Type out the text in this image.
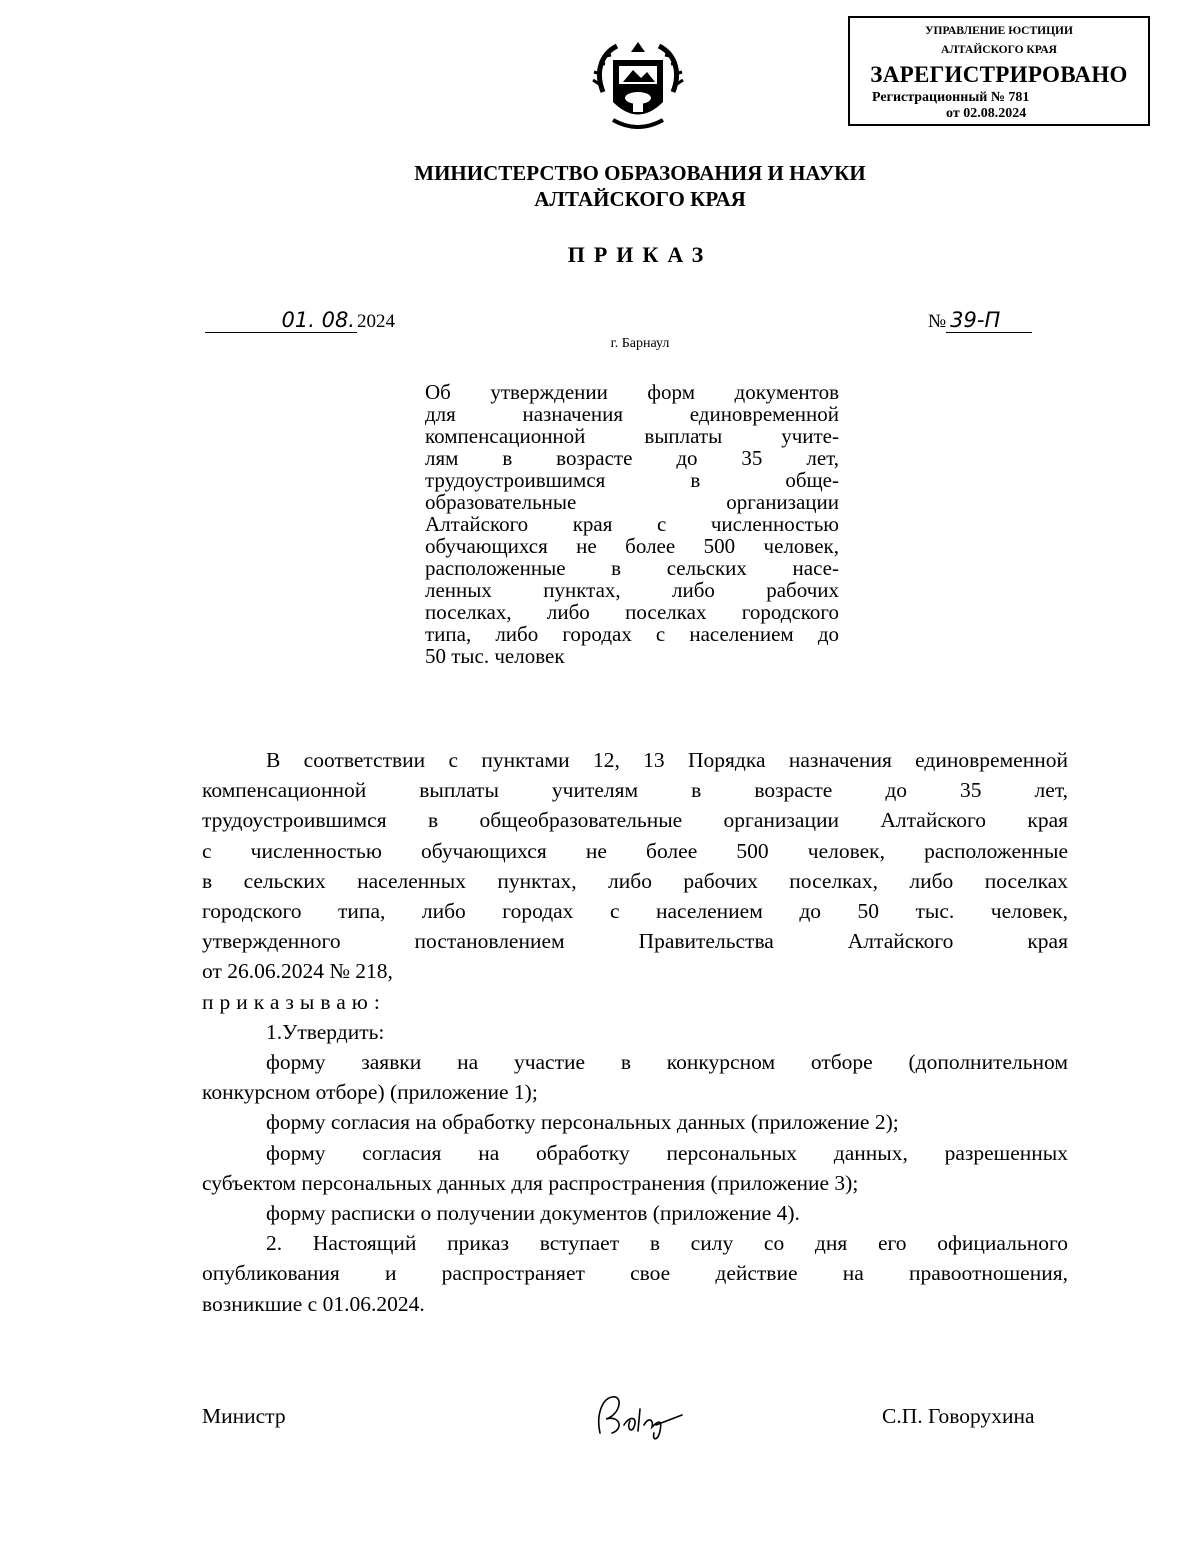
УПРАВЛЕНИЕ ЮСТИЦИИ
АЛТАЙСКОГО КРАЯ
ЗАРЕГИСТРИРОВАНО
Регистрационный № 781
от 02.08.2024
МИНИСТЕРСТВО ОБРАЗОВАНИЯ И НАУКИ
АЛТАЙСКОГО КРАЯ
ПРИКАЗ
01. 08. 2024	№ 39-П
г. Барнаул
Об утверждении форм документов
для назначения единовременной
компенсационной выплаты учите-
лям в возрасте до 35 лет,
трудоустроившимся в обще-
образовательные организации
Алтайского края с численностью
обучающихся не более 500 человек,
расположенные в сельских насе-
ленных пунктах, либо рабочих
поселках, либо поселках городского
типа, либо городах с населением до
50 тыс. человек
В соответствии с пунктами 12, 13 Порядка назначения единовременной
компенсационной выплаты учителям в возрасте до 35 лет,
трудоустроившимся в общеобразовательные организации Алтайского края
с численностью обучающихся не более 500 человек, расположенные
в сельских населенных пунктах, либо рабочих поселках, либо поселках
городского типа, либо городах с населением до 50 тыс. человек,
утвержденного постановлением Правительства Алтайского края
от 26.06.2024 № 218,
приказываю:
1.Утвердить:
форму заявки на участие в конкурсном отборе (дополнительном
конкурсном отборе) (приложение 1);
форму согласия на обработку персональных данных (приложение 2);
форму согласия на обработку персональных данных, разрешенных
субъектом персональных данных для распространения (приложение 3);
форму расписки о получении документов (приложение 4).
2. Настоящий приказ вступает в силу со дня его официального
опубликования и распространяет свое действие на правоотношения,
возникшие с 01.06.2024.
Министр	С.П. Говорухина
